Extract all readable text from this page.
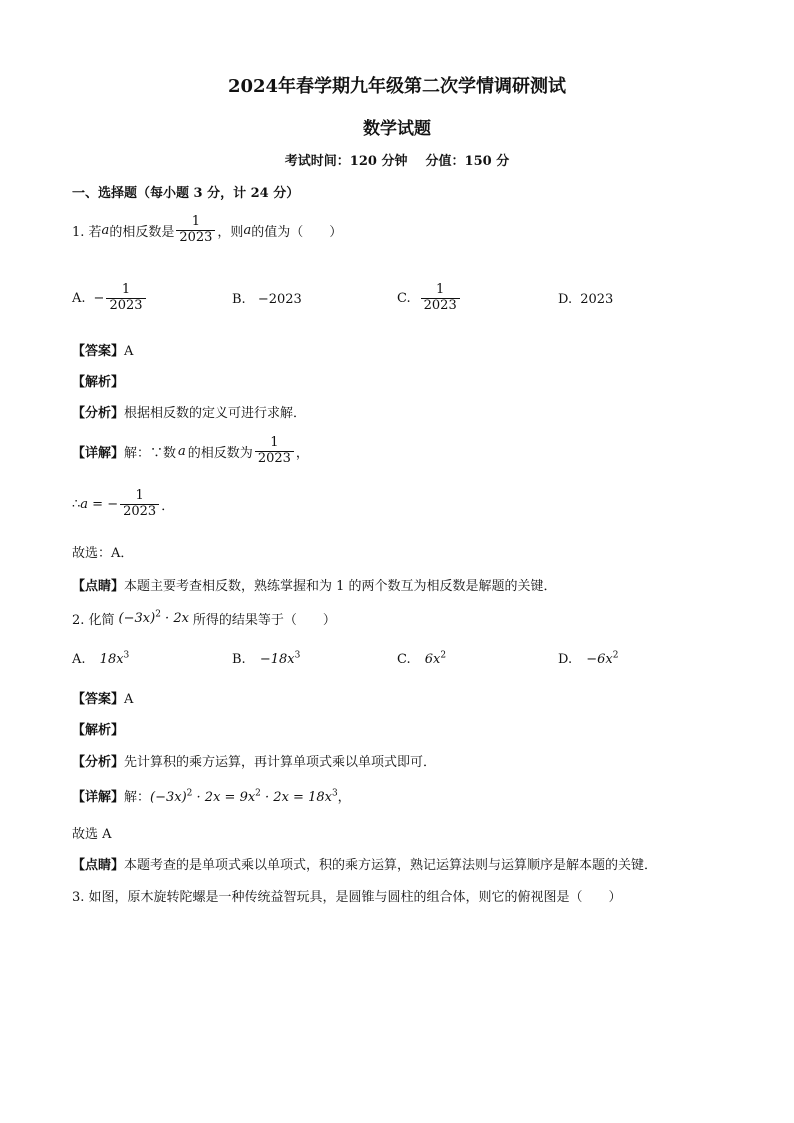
2024年春学期九年级第二次学情调研测试
数学试题
考试时间：120 分钟    分值：150 分
一、选择题（每小题 3 分，计 24 分）
1. 若 a 的相反数是 $\frac{1}{2023}$ ，则 a 的值为（　　）
A. − $\frac{1}{2023}$	B. −2023	C. $\frac{1}{2023}$	D. 2023
【答案】A
【解析】
【分析】根据相反数的定义可进行求解．
【详解】 解：∵数 a 的相反数为 $\frac{1}{2023}$ ，
∴ a = − $\frac{1}{2023}$ ．
故选：A．
【点睛】本题主要考查相反数，熟练掌握和为 1 的两个数互为相反数是解题的关键．
2. 化简 $(-3x)^2 \cdot 2x$ 所得的结果等于（　　）
A. $18x^3$	B. $-18x^3$	C. $6x^2$	D. $-6x^2$
【答案】A
【解析】
【分析】先计算积的乘方运算，再计算单项式乘以单项式即可．
【详解】解：$(-3x)^2 \cdot 2x = 9x^2 \cdot 2x = 18x^3$，
故选 A
【点睛】本题考查的是单项式乘以单项式，积的乘方运算，熟记运算法则与运算顺序是解本题的关键．
3. 如图，原木旋转陀螺是一种传统益智玩具，是圆锥与圆柱的组合体，则它的俯视图是（　　）
